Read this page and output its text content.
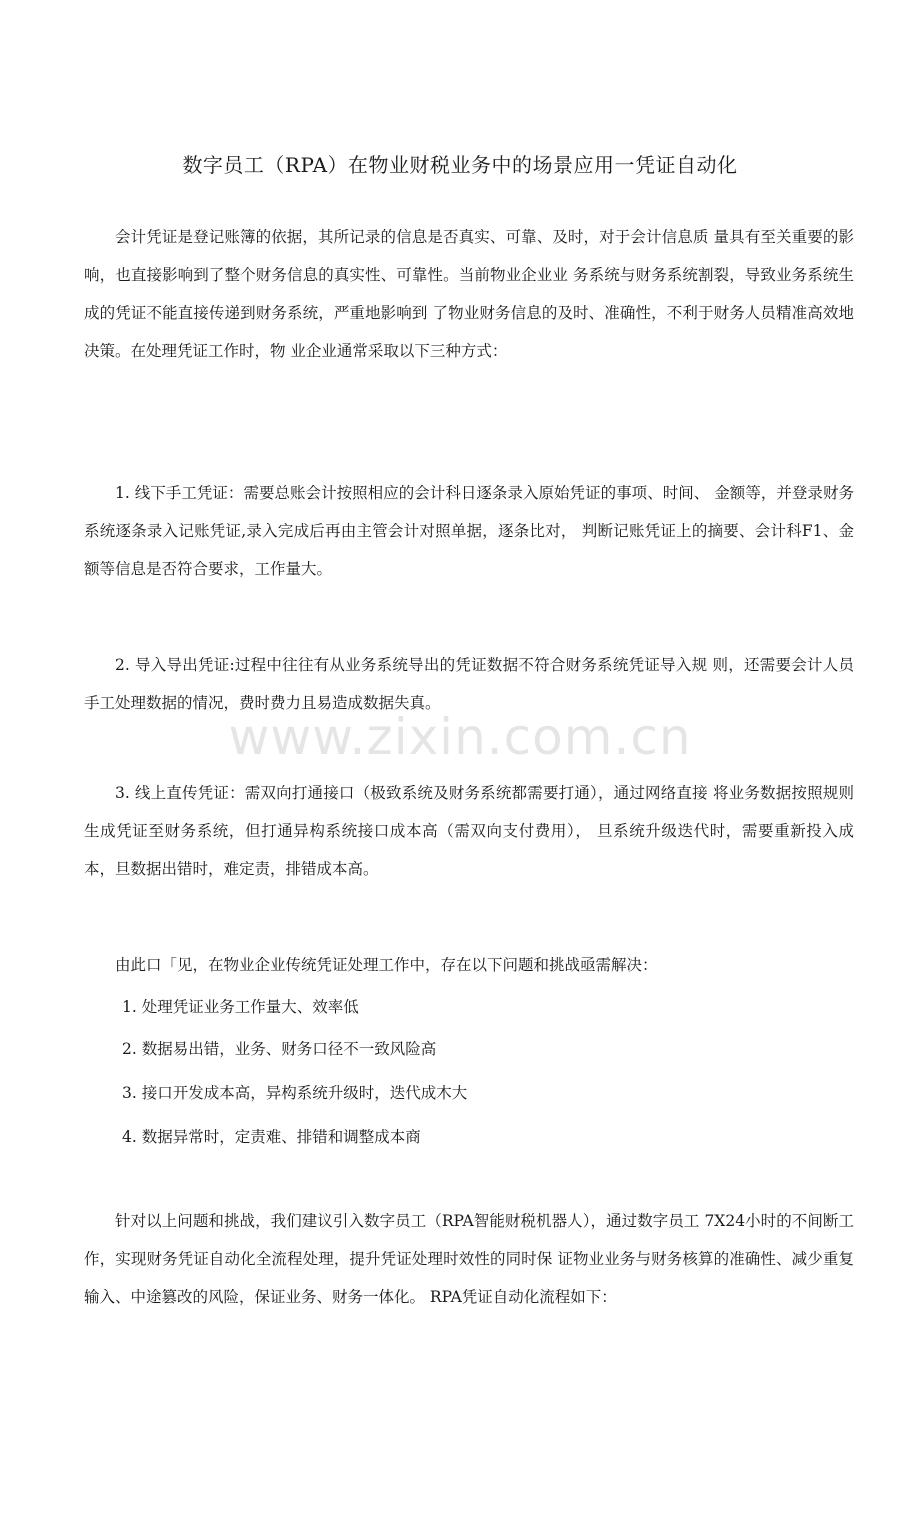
数字员工（RPA）在物业财税业务中的场景应用一凭证自动化

会计凭证是登记账簿的依据，其所记录的信息是否真实、可靠、及时，对于会计信息质 量具有至关重要的影响，也直接影响到了整个财务信息的真实性、可靠性。当前物业企业业 务系统与财务系统割裂，导致业务系统生成的凭证不能直接传递到财务系统，严重地影响到 了物业财务信息的及时、准确性，不利于财务人员精准高效地决策。在处理凭证工作时，物 业企业通常采取以下三种方式：

1. 线下手工凭证：需要总账会计按照相应的会计科日逐条录入原始凭证的事项、时间、 金额等，并登录财务系统逐条录入记账凭证,录入完成后再由主管会计对照单据，逐条比对， 判断记账凭证上的摘要、会计科F1、金额等信息是否符合要求，工作量大。

2. 导入导出凭证:过程中往往有从业务系统导出的凭证数据不符合财务系统凭证导入规 则，还需要会计人员手工处理数据的情况，费时费力且易造成数据失真。

www.zixin.com.cn

3. 线上直传凭证：需双向打通接口（极致系统及财务系统都需要打通），通过网络直接 将业务数据按照规则生成凭证至财务系统，但打通异构系统接口成本高（需双向支付费用）， 旦系统升级迭代时，需要重新投入成本，旦数据出错时，难定责，排错成本高。

由此口「见，在物业企业传统凭证处理工作中，存在以下问题和挑战亟需解决：

1. 处理凭证业务工作量大、效率低

2. 数据易出错，业务、财务口径不一致风险高

3. 接口开发成本高，异构系统升级时，迭代成木大

4. 数据异常时，定责难、排错和调整成本商

针对以上问题和挑战，我们建议引入数字员工（RPA智能财税机器人），通过数字员工 7X24小时的不间断工作，实现财务凭证自动化全流程处理，提升凭证处理时效性的同时保 证物业业务与财务核算的准确性、减少重复输入、中途篡改的风险，保证业务、财务一体化。 RPA凭证自动化流程如下：
